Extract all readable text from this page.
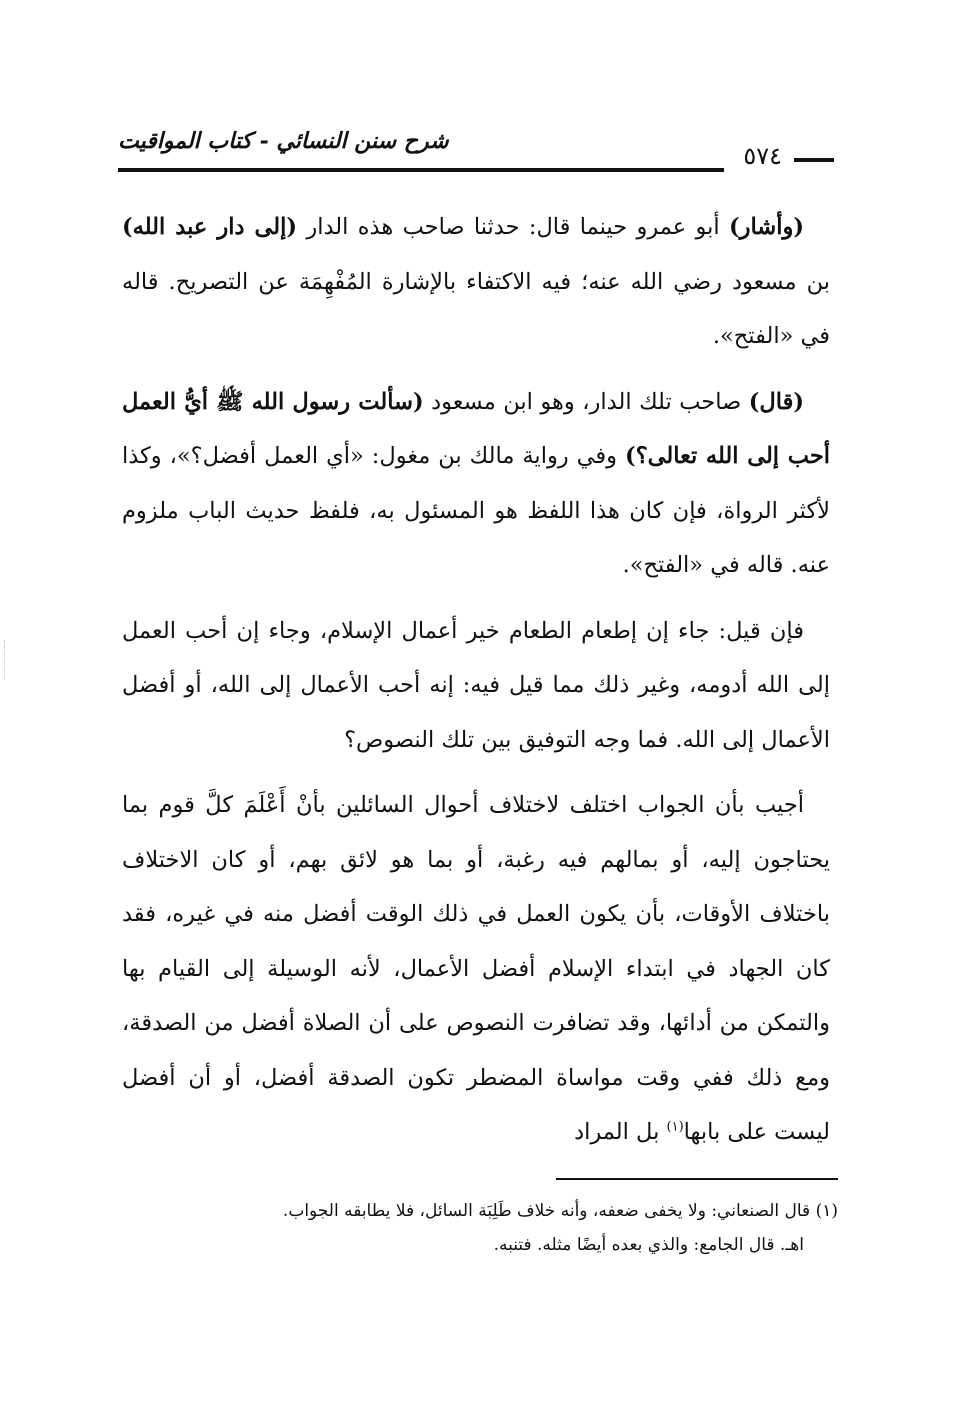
شرح سنن النسائي - كتاب المواقيت
٥٧٤

(وأشار) أبو عمرو حينما قال: حدثنا صاحب هذه الدار (إلى دار عبد الله) بن مسعود رضي الله عنه؛ فيه الاكتفاء بالإشارة المُفْهِمَة عن التصريح. قاله في «الفتح».

(قال) صاحب تلك الدار، وهو ابن مسعود (سألت رسول الله ﷺ أيُّ العمل أحب إلى الله تعالى؟) وفي رواية مالك بن مغول: «أي العمل أفضل؟»، وكذا لأكثر الرواة، فإن كان هذا اللفظ هو المسئول به، فلفظ حديث الباب ملزوم عنه. قاله في «الفتح».

فإن قيل: جاء إن إطعام الطعام خير أعمال الإسلام، وجاء إن أحب العمل إلى الله أدومه، وغير ذلك مما قيل فيه: إنه أحب الأعمال إلى الله، أو أفضل الأعمال إلى الله. فما وجه التوفيق بين تلك النصوص؟

أجيب بأن الجواب اختلف لاختلاف أحوال السائلين بأنْ أَعْلَمَ كلَّ قوم بما يحتاجون إليه، أو بمالهم فيه رغبة، أو بما هو لائق بهم، أو كان الاختلاف باختلاف الأوقات، بأن يكون العمل في ذلك الوقت أفضل منه في غيره، فقد كان الجهاد في ابتداء الإسلام أفضل الأعمال، لأنه الوسيلة إلى القيام بها والتمكن من أدائها، وقد تضافرت النصوص على أن الصلاة أفضل من الصدقة، ومع ذلك ففي وقت مواساة المضطر تكون الصدقة أفضل، أو أن أفضل ليست على بابها$^{(١)}$ بل المراد

(١) قال الصنعاني: ولا يخفى ضعفه، وأنه خلاف طَلِبَة السائل، فلا يطابقه الجواب.

اهـ. قال الجامع: والذي بعده أيضًا مثله. فتنبه.
